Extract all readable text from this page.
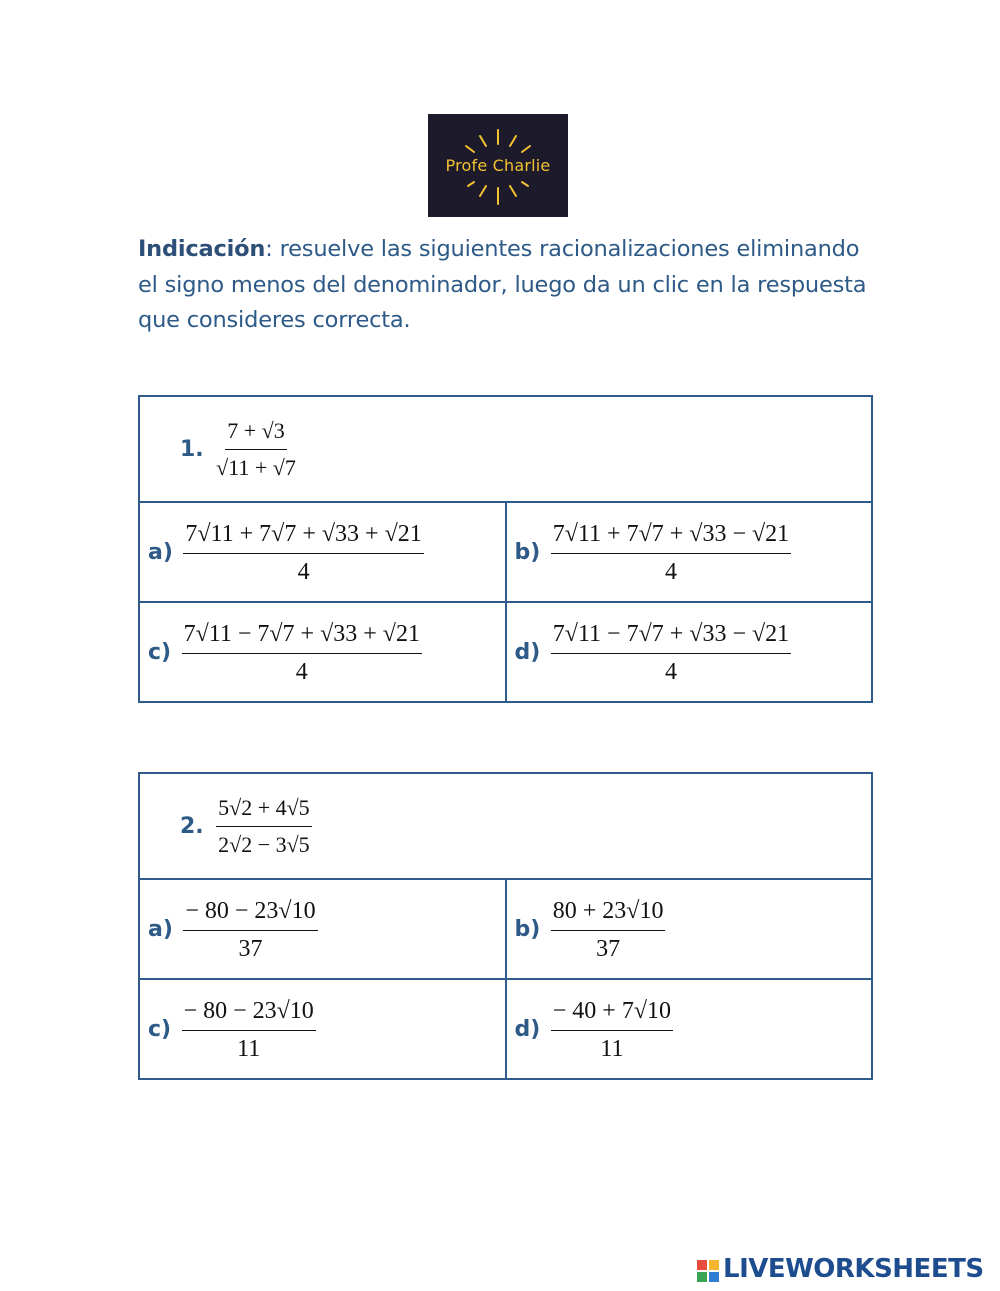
Profe Charlie
Indicación: resuelve las siguientes racionalizaciones eliminando el signo menos del denominador, luego da un clic en la respuesta que consideres correcta.
1. $\frac{7 + √3}{√11 + √7}$

$a) \frac{7√11 + 7√7 + √33 + √21}{4}$	$b) \frac{7√11 + 7√7 + √33 - √21}{4}$

$c) \frac{7√11 - 7√7 + √33 + √21}{4}$	$d) \frac{7√11 - 7√7 + √33 - √21}{4}$
2. $\frac{5√2 + 4√5}{2√2 - 3√5}$

$a) \frac{- 80 - 23√10}{37}$	$b) \frac{80 + 23√10}{37}$

$c) \frac{- 80 - 23√10}{11}$	$d) \frac{- 40 + 7√10}{11}$
LIVEWORKSHEETS
